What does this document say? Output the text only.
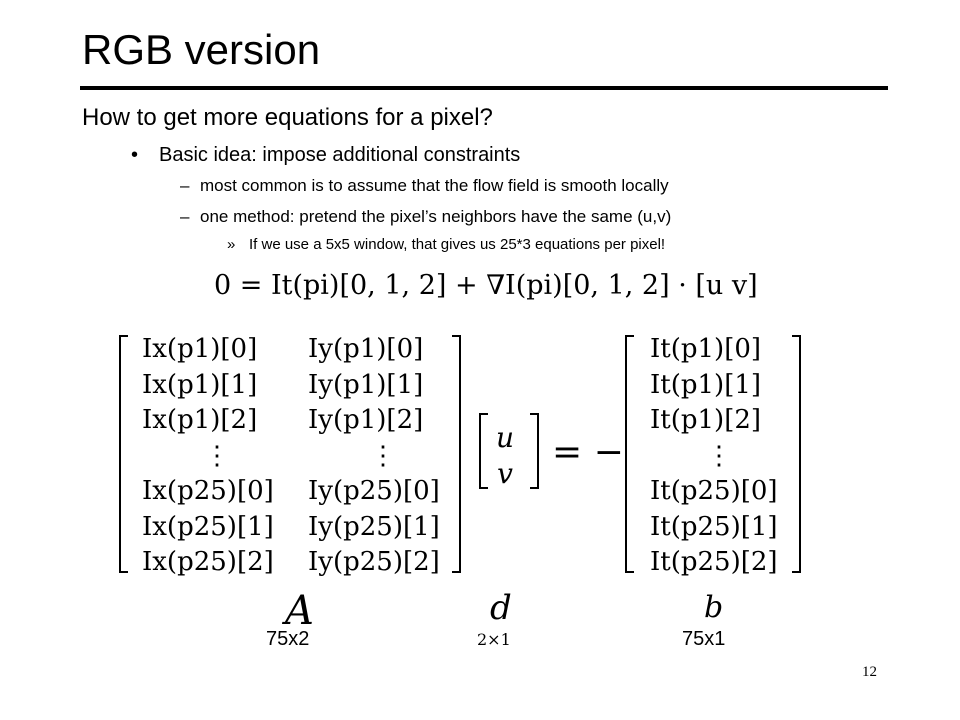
RGB version
How to get more equations for a pixel?
• Basic idea: impose additional constraints
– most common is to assume that the flow field is smooth locally
– one method: pretend the pixel’s neighbors have the same (u,v)
» If we use a 5x5 window, that gives us 25*3 equations per pixel!
0 = It(pi)[0, 1, 2] + ∇I(pi)[0, 1, 2] · [u v]
Ix(p1)[0]
Ix(p1)[1]
Ix(p1)[2]
⋮
Ix(p25)[0]
Ix(p25)[1]
Ix(p25)[2]
Iy(p1)[0]
Iy(p1)[1]
Iy(p1)[2]
⋮
Iy(p25)[0]
Iy(p25)[1]
Iy(p25)[2]
u
v
= −
It(p1)[0]
It(p1)[1]
It(p1)[2]
⋮
It(p25)[0]
It(p25)[1]
It(p25)[2]
A
75x2
d
2×1
b
75x1
12
